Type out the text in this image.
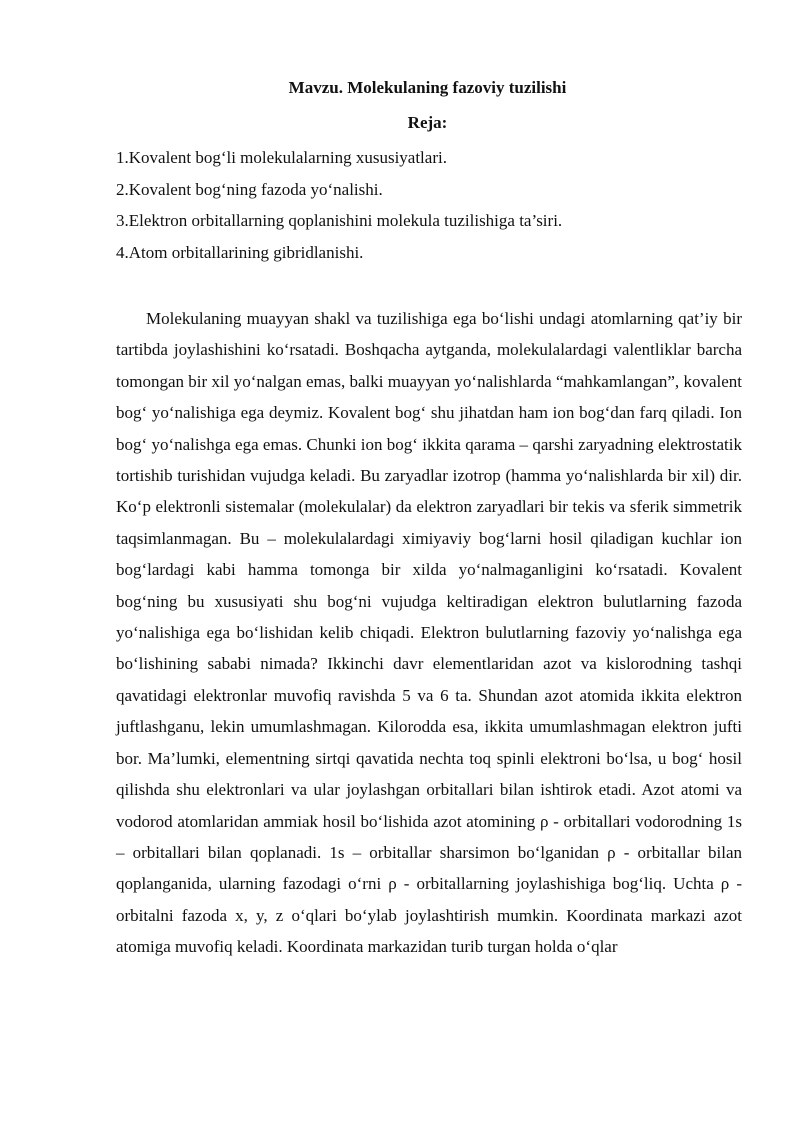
Mavzu. Molekulaning fazoviy tuzilishi
Reja:
1.Kovalent bog‘li molekulalarning xususiyatlari.
2.Kovalent bog‘ning fazoda yo‘nalishi.
3.Elektron orbitallarning qoplanishini molekula tuzilishiga ta’siri.
4.Atom orbitallarining gibridlanishi.

Molekulaning muayyan shakl va tuzilishiga ega bo‘lishi undagi atomlarning qat’iy bir tartibda joylashishini ko‘rsatadi. Boshqacha aytganda, molekulalardagi valentliklar barcha tomongan bir xil yo‘nalgan emas, balki muayyan yo‘nalishlarda “mahkamlangan”, kovalent bog‘ yo‘nalishiga ega deymiz. Kovalent bog‘ shu jihatdan ham ion bog‘dan farq qiladi. Ion bog‘ yo‘nalishga ega emas. Chunki ion bog‘ ikkita qarama – qarshi zaryadning elektrostatik tortishib turishidan vujudga keladi. Bu zaryadlar izotrop (hamma yo‘nalishlarda bir xil) dir. Ko‘p elektronli sistemalar (molekulalar) da elektron zaryadlari bir tekis va sferik simmetrik taqsimlanmagan. Bu – molekulalardagi ximiyaviy bog‘larni hosil qiladigan kuchlar ion bog‘lardagi kabi hamma tomonga bir xilda yo‘nalmaganligini ko‘rsatadi. Kovalent bog‘ning bu xususiyati shu bog‘ni vujudga keltiradigan elektron bulutlarning fazoda yo‘nalishiga ega bo‘lishidan kelib chiqadi. Elektron bulutlarning fazoviy yo‘nalishga ega bo‘lishining sababi nimada? Ikkinchi davr elementlaridan azot va kislorodning tashqi qavatidagi elektronlar muvofiq ravishda 5 va 6 ta. Shundan azot atomida ikkita elektron juftlashganu, lekin umumlashmagan. Kilorodda esa, ikkita umumlashmagan elektron jufti bor. Ma’lumki, elementning sirtqi qavatida nechta toq spinli elektroni bo‘lsa, u bog‘ hosil qilishda shu elektronlari va ular joylashgan orbitallari bilan ishtirok etadi. Azot atomi va vodorod atomlaridan ammiak hosil bo‘lishida azot atomining ρ - orbitallari vodorodning 1s – orbitallari bilan qoplanadi. 1s – orbitallar sharsimon bo‘lganidan ρ - orbitallar bilan qoplanganida, ularning fazodagi o‘rni ρ - orbitallarning joylashishiga bog‘liq. Uchta ρ - orbitalni fazoda x, y, z o‘qlari bo‘ylab joylashtirish mumkin. Koordinata markazi azot atomiga muvofiq keladi. Koordinata markazidan turib turgan holda o‘qlar
